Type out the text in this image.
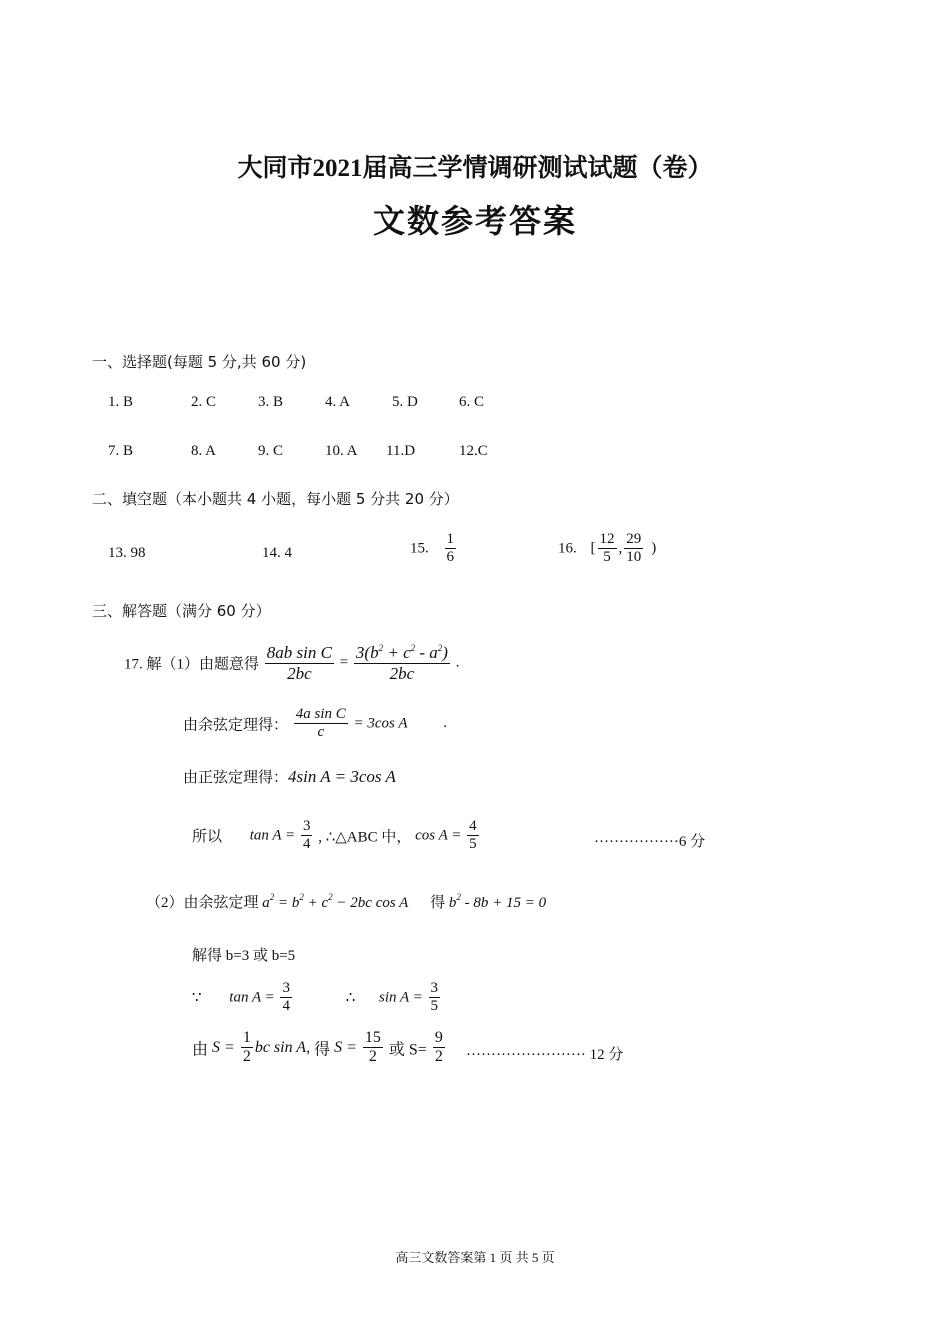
大同市2021届高三学情调研测试试题（卷）
文数参考答案
一、选择题(每题 5 分,共 60 分)
1. B	2. C	3. B	4. A	5. D	6. C
7. B	8. A	9. C	10. A 11.D	12.C
二、填空题（本小题共 4 小题，每小题 5 分共 20 分）
13. 98	14. 4	15. $\frac{1}{6}$	16. [ $\frac{12}{5}$ , $\frac{29}{10}$ )
三、解答题（满分 60 分）
17. 解（1）由题意得 $\frac{\text{8ab sin C}}{2bc} = \frac{3(b^2 + c^2 - a^2)}{2bc}$ .
由余弦定理得： $\frac{\text{4a sin C}}{c} = 3\cos$ A .
由正弦定理得：4sin A = 3cos A
所以 $\tan A = \frac{3}{4}$ , ∴△ABC 中， $\cos A = \frac{4}{5}$	·················6 分
（2）由余弦定理 $a^2 = b^2 + c^2 - 2bc$ cos A 得 $b^2 - 8b + 15 = 0$
解得 b=3 或 b=5
∵ $\tan A = \frac{3}{4}$	∴ $\sin A = \frac{3}{5}$
由 $S = \frac{1}{2}$ bc sin A, 得 $S = \frac{15}{2}$ 或 $S= \frac{9}{2}$ ························ 12 分
高三文数答案第 1 页 共 5 页
